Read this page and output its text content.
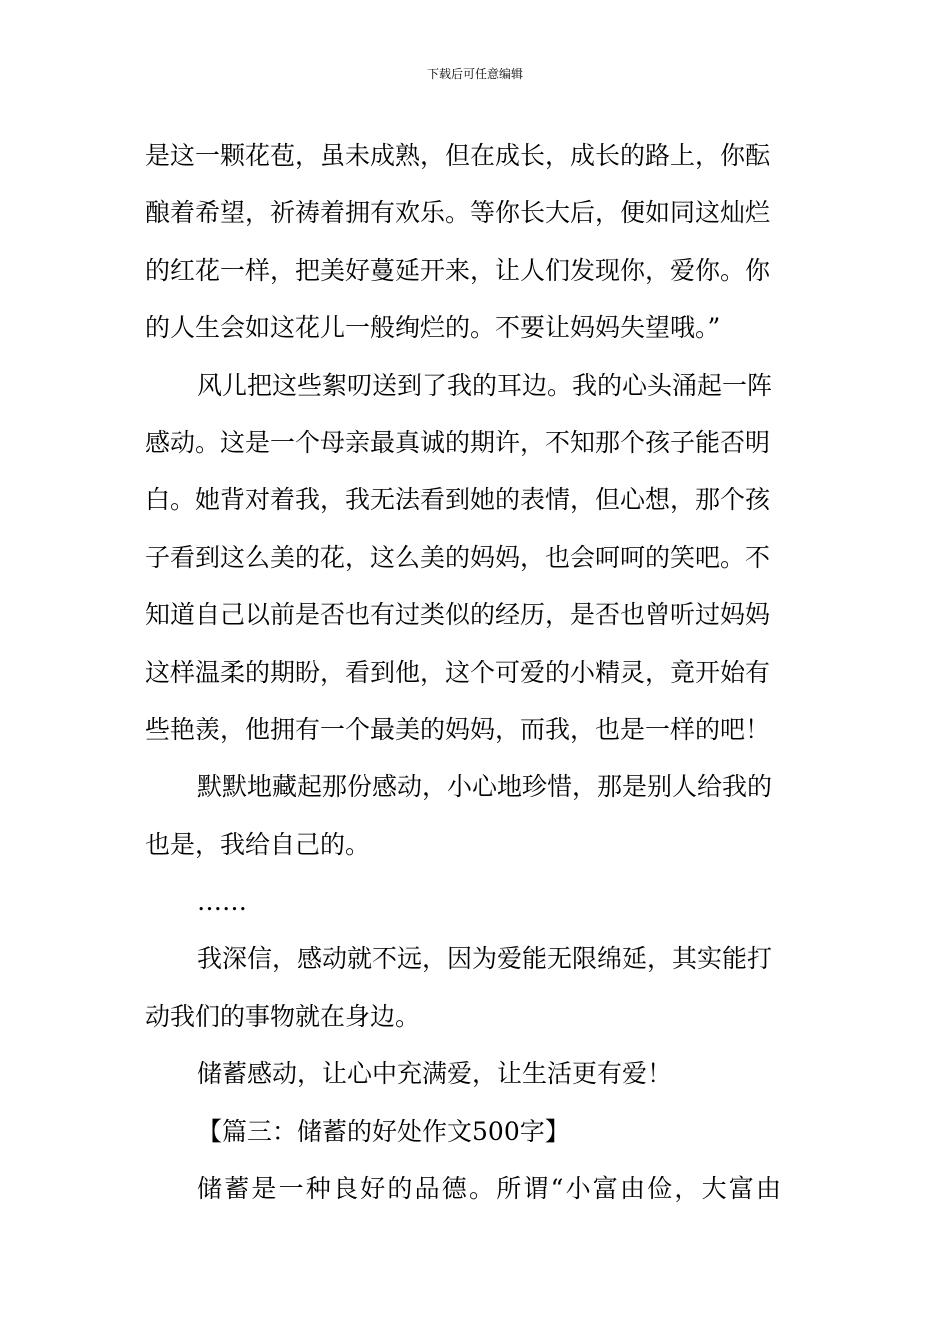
下载后可任意编辑

是这一颗花苞，虽未成熟，但在成长，成长的路上，你酝
酿着希望，祈祷着拥有欢乐。等你长大后，便如同这灿烂
的红花一样，把美好蔓延开来，让人们发现你，爱你。你
的人生会如这花儿一般绚烂的。不要让妈妈失望哦。”

风儿把这些絮叨送到了我的耳边。我的心头涌起一阵
感动。这是一个母亲最真诚的期许，不知那个孩子能否明
白。她背对着我，我无法看到她的表情，但心想，那个孩
子看到这么美的花，这么美的妈妈，也会呵呵的笑吧。不
知道自己以前是否也有过类似的经历，是否也曾听过妈妈
这样温柔的期盼，看到他，这个可爱的小精灵，竟开始有
些艳羡，他拥有一个最美的妈妈，而我，也是一样的吧！

默默地藏起那份感动，小心地珍惜，那是别人给我的
也是，我给自己的。

……

我深信，感动就不远，因为爱能无限绵延，其实能打
动我们的事物就在身边。

储蓄感动，让心中充满爱，让生活更有爱！

【篇三：储蓄的好处作文500字】

储蓄是一种良好的品德。所谓“小富由俭，大富由
